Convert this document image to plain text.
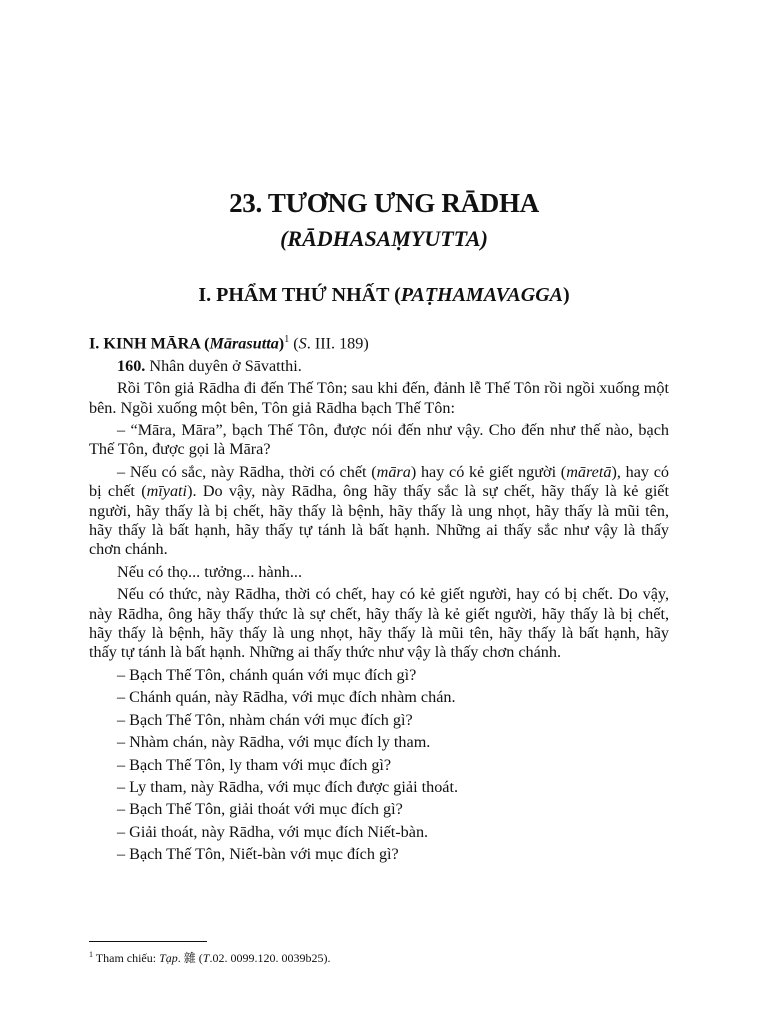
23. TƯƠNG ƯNG RĀDHA
(RĀDHASAṂYUTTA)
I. PHẨM THỨ NHẤT (PAṬHAMAVAGGA)
I. KINH MĀRA (Mārasutta)$^1$ (S. III. 189)
160. Nhân duyên ở Sāvatthi.
Rồi Tôn giả Rādha đi đến Thế Tôn; sau khi đến, đảnh lễ Thế Tôn rồi ngồi xuống một bên. Ngồi xuống một bên, Tôn giả Rādha bạch Thế Tôn:
– “Māra, Māra”, bạch Thế Tôn, được nói đến như vậy. Cho đến như thế nào, bạch Thế Tôn, được gọi là Māra?
– Nếu có sắc, này Rādha, thời có chết (māra) hay có kẻ giết người (māretā), hay có bị chết (mīyati). Do vậy, này Rādha, ông hãy thấy sắc là sự chết, hãy thấy là kẻ giết người, hãy thấy là bị chết, hãy thấy là bệnh, hãy thấy là ung nhọt, hãy thấy là mũi tên, hãy thấy là bất hạnh, hãy thấy tự tánh là bất hạnh. Những ai thấy sắc như vậy là thấy chơn chánh.
Nếu có thọ... tưởng... hành...
Nếu có thức, này Rādha, thời có chết, hay có kẻ giết người, hay có bị chết. Do vậy, này Rādha, ông hãy thấy thức là sự chết, hãy thấy là kẻ giết người, hãy thấy là bị chết, hãy thấy là bệnh, hãy thấy là ung nhọt, hãy thấy là mũi tên, hãy thấy là bất hạnh, hãy thấy tự tánh là bất hạnh. Những ai thấy thức như vậy là thấy chơn chánh.
– Bạch Thế Tôn, chánh quán với mục đích gì?
– Chánh quán, này Rādha, với mục đích nhàm chán.
– Bạch Thế Tôn, nhàm chán với mục đích gì?
– Nhàm chán, này Rādha, với mục đích ly tham.
– Bạch Thế Tôn, ly tham với mục đích gì?
– Ly tham, này Rādha, với mục đích được giải thoát.
– Bạch Thế Tôn, giải thoát với mục đích gì?
– Giải thoát, này Rādha, với mục đích Niết-bàn.
– Bạch Thế Tôn, Niết-bàn với mục đích gì?
$^1$ Tham chiếu: Tạp. 雜 (T.02. 0099.120. 0039b25).
